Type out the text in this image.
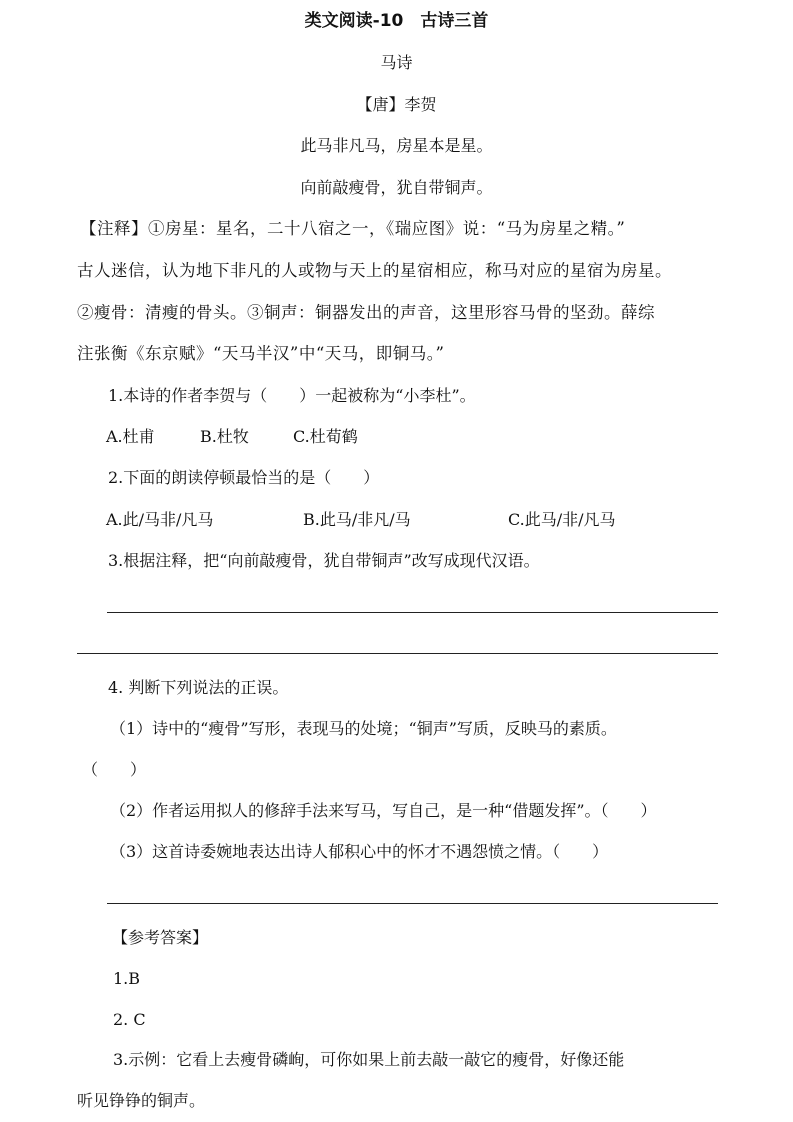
类文阅读-10　古诗三首
马诗
【唐】李贺
此马非凡马，房星本是星。
向前敲瘦骨，犹自带铜声。
【注释】①房星：星名，二十八宿之一，《瑞应图》说：“马为房星之精。”
古人迷信，认为地下非凡的人或物与天上的星宿相应，称马对应的星宿为房星。
②瘦骨：清瘦的骨头。③铜声：铜器发出的声音，这里形容马骨的坚劲。薛综
注张衡《东京赋》“天马半汉”中“天马，即铜马。”
1.本诗的作者李贺与（　　）一起被称为“小李杜”。
A.杜甫	B.杜牧	C.杜荀鹤
2.下面的朗读停顿最恰当的是（　　）
A.此/马非/凡马	B.此马/非凡/马	C.此马/非/凡马
3.根据注释，把“向前敲瘦骨，犹自带铜声”改写成现代汉语。
4. 判断下列说法的正误。
（1）诗中的“瘦骨”写形，表现马的处境；“铜声”写质，反映马的素质。
（　　）
（2）作者运用拟人的修辞手法来写马，写自己，是一种“借题发挥”。（　　）
（3）这首诗委婉地表达出诗人郁积心中的怀才不遇怨愤之情。（　　）
【参考答案】
1.B
2. C
3.示例：它看上去瘦骨磷峋，可你如果上前去敲一敲它的瘦骨，好像还能
听见铮铮的铜声。
